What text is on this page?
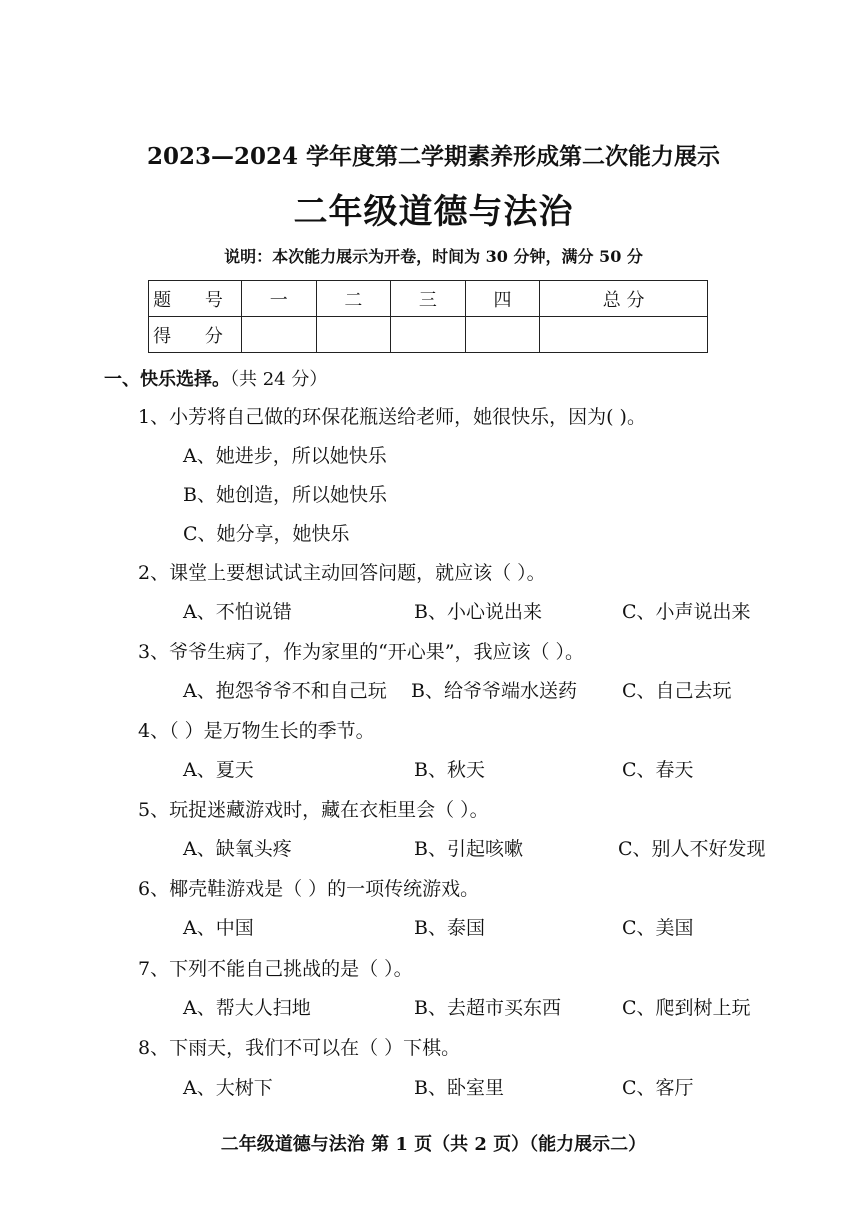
2023—2024 学年度第二学期素养形成第二次能力展示
二年级道德与法治
说明：本次能力展示为开卷，时间为 30 分钟，满分 50 分
题 号	一	二	三	四	总 分
得 分					
一、快乐选择。（共 24 分）
1、小芳将自己做的环保花瓶送给老师，她很快乐，因为( )。
A、她进步，所以她快乐
B、她创造，所以她快乐
C、她分享，她快乐
2、课堂上要想试试主动回答问题，就应该（ ）。
A、不怕说错	B、小心说出来	C、小声说出来
3、爷爷生病了，作为家里的“开心果”，我应该（ ）。
A、抱怨爷爷不和自己玩 B、给爷爷端水送药 C、自己去玩
4、（ ）是万物生长的季节。
A、夏天	B、秋天	C、春天
5、玩捉迷藏游戏时，藏在衣柜里会（ ）。
A、缺氧头疼	B、引起咳嗽	C、别人不好发现
6、椰壳鞋游戏是（ ）的一项传统游戏。
A、中国	B、泰国	C、美国
7、下列不能自己挑战的是（ ）。
A、帮大人扫地	B、去超市买东西	C、爬到树上玩
8、下雨天，我们不可以在（ ）下棋。
A、大树下	B、卧室里	C、客厅
二年级道德与法治 第 1 页（共 2 页）（能力展示二）
